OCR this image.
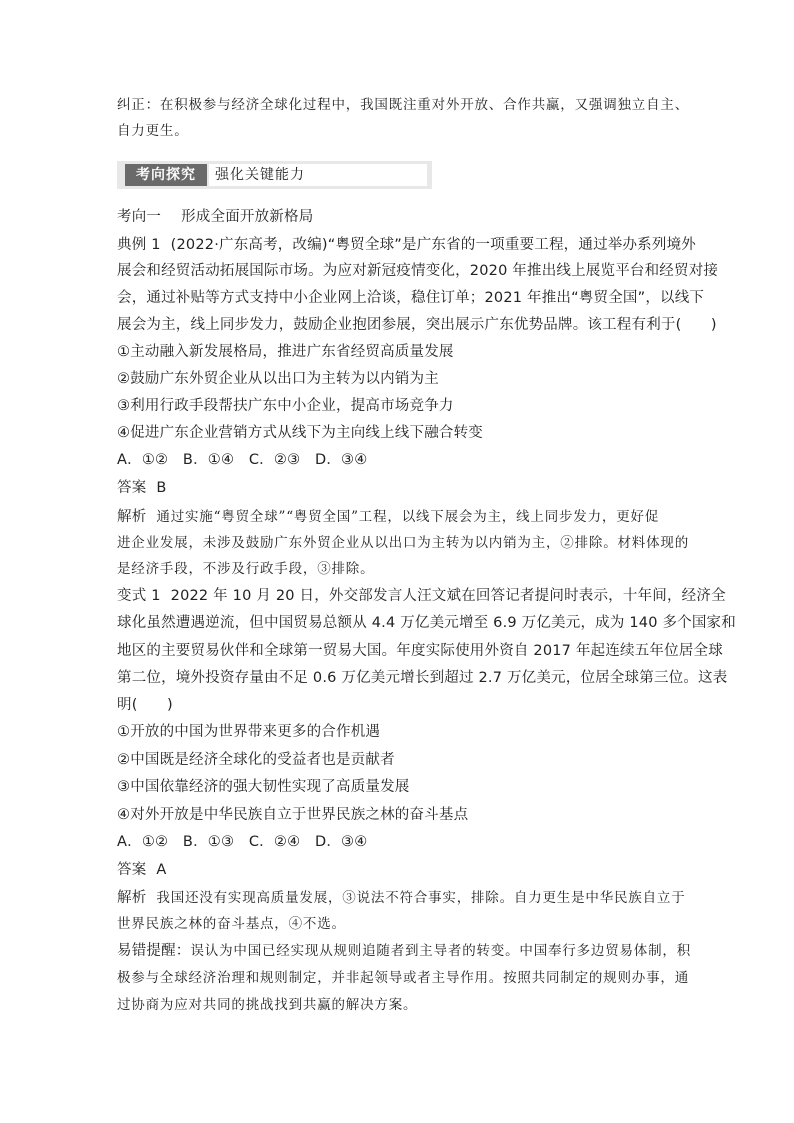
纠正：在积极参与经济全球化过程中，我国既注重对外开放、合作共赢，又强调独立自主、
自力更生。
考向探究	强化关键能力
考向一 形成全面开放新格局
典例 1 (2022·广东高考，改编)“粤贸全球”是广东省的一项重要工程，通过举办系列境外
展会和经贸活动拓展国际市场。为应对新冠疫情变化，2020 年推出线上展览平台和经贸对接
会，通过补贴等方式支持中小企业网上洽谈，稳住订单；2021 年推出“粤贸全国”，以线下
展会为主，线上同步发力，鼓励企业抱团参展，突出展示广东优势品牌。该工程有利于(　　)
①主动融入新发展格局，推进广东省经贸高质量发展
②鼓励广东外贸企业从以出口为主转为以内销为主
③利用行政手段帮扶广东中小企业，提高市场竞争力
④促进广东企业营销方式从线下为主向线上线下融合转变
A．①②　B．①④　C．②③　D．③④
答案 B
解析 通过实施“粤贸全球”“粤贸全国”工程，以线下展会为主，线上同步发力，更好促
进企业发展，未涉及鼓励广东外贸企业从以出口为主转为以内销为主，②排除。材料体现的
是经济手段，不涉及行政手段，③排除。
变式 1 2022 年 10 月 20 日，外交部发言人汪文斌在回答记者提问时表示，十年间，经济全
球化虽然遭遇逆流，但中国贸易总额从 4.4 万亿美元增至 6.9 万亿美元，成为 140 多个国家和
地区的主要贸易伙伴和全球第一贸易大国。年度实际使用外资自 2017 年起连续五年位居全球
第二位，境外投资存量由不足 0.6 万亿美元增长到超过 2.7 万亿美元，位居全球第三位。这表
明(　　)
①开放的中国为世界带来更多的合作机遇
②中国既是经济全球化的受益者也是贡献者
③中国依靠经济的强大韧性实现了高质量发展
④对外开放是中华民族自立于世界民族之林的奋斗基点
A．①②　B．①③　C．②④　D．③④
答案 A
解析 我国还没有实现高质量发展，③说法不符合事实，排除。自力更生是中华民族自立于
世界民族之林的奋斗基点，④不选。
易错提醒：误认为中国已经实现从规则追随者到主导者的转变。中国奉行多边贸易体制，积
极参与全球经济治理和规则制定，并非起领导或者主导作用。按照共同制定的规则办事，通
过协商为应对共同的挑战找到共赢的解决方案。
